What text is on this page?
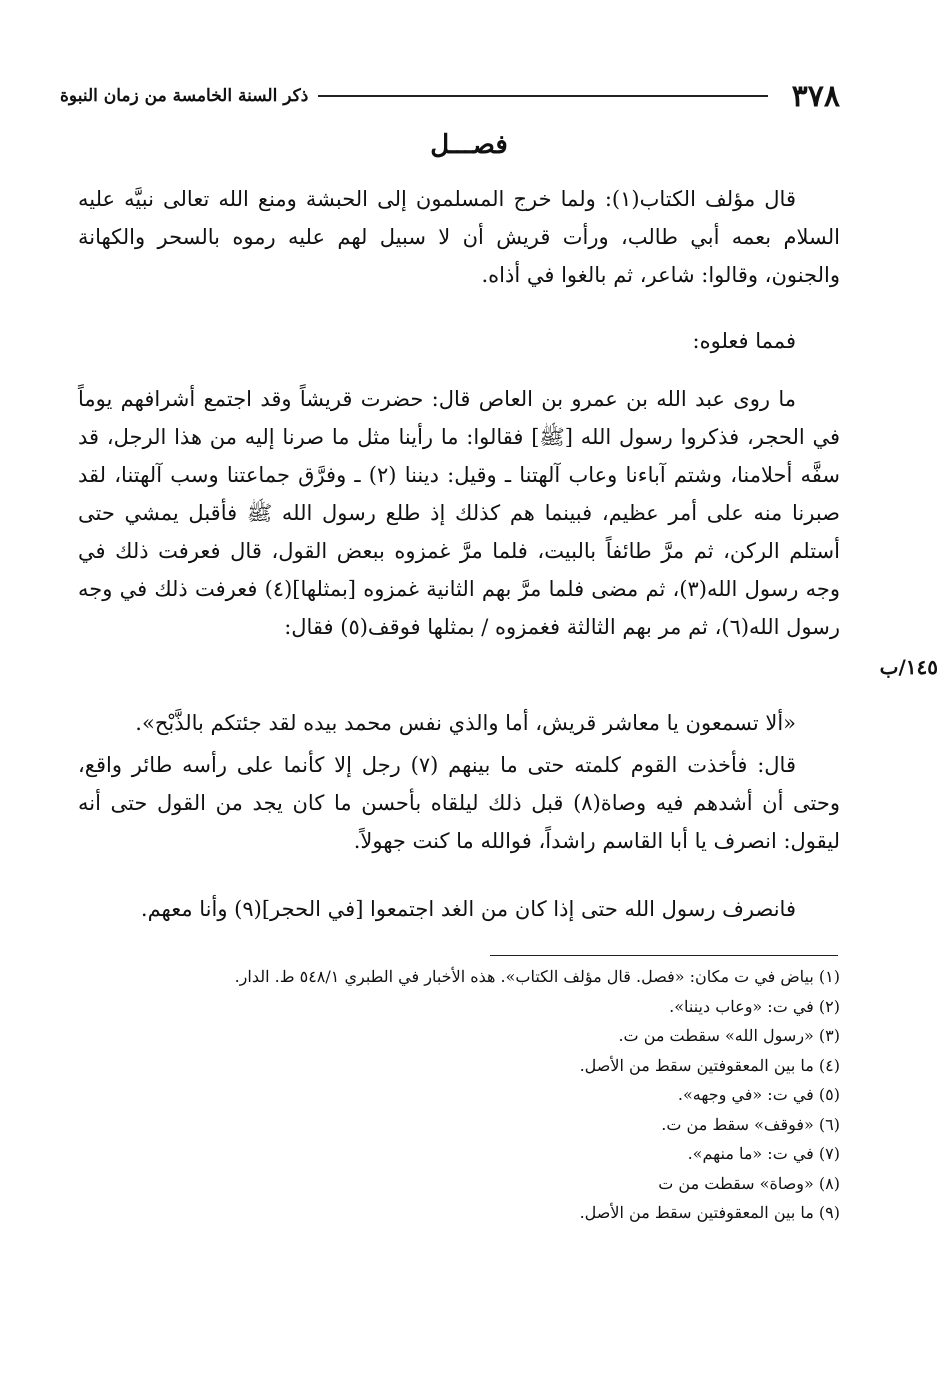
٣٧٨
ذكر السنة الخامسة من زمان النبوة
فصـــل

قال مؤلف الكتاب(١): ولما خرج المسلمون إلى الحبشة ومنع الله تعالى نبيَّه عليه السلام بعمه أبي طالب، ورأت قريش أن لا سبيل لهم عليه رموه بالسحر والكهانة والجنون، وقالوا: شاعر، ثم بالغوا في أذاه.

فمما فعلوه:

ما روى عبد الله بن عمرو بن العاص قال: حضرت قريشاً وقد اجتمع أشرافهم يوماً في الحجر، فذكروا رسول الله [ﷺ] فقالوا: ما رأينا مثل ما صرنا إليه من هذا الرجل، قد سفَّه أحلامنا، وشتم آباءنا وعاب آلهتنا ـ وقيل: ديننا (٢) ـ وفرَّق جماعتنا وسب آلهتنا، لقد صبرنا منه على أمر عظيم، فبينما هم كذلك إذ طلع رسول الله ﷺ فأقبل يمشي حتى أستلم الركن، ثم مرَّ طائفاً بالبيت، فلما مرَّ غمزوه ببعض القول، قال فعرفت ذلك في وجه رسول الله(٣)، ثم مضى فلما مرَّ بهم الثانية غمزوه [بمثلها](٤) فعرفت ذلك في وجه رسول الله(٦)، ثم مر بهم الثالثة فغمزوه / بمثلها فوقف(٥) فقال:

١٤٥/ب

«ألا تسمعون يا معاشر قريش، أما والذي نفس محمد بيده لقد جئتكم بالذَّبْح».

قال: فأخذت القوم كلمته حتى ما بينهم (٧) رجل إلا كأنما على رأسه طائر واقع، وحتى أن أشدهم فيه وصاة(٨) قبل ذلك ليلقاه بأحسن ما كان يجد من القول حتى أنه ليقول: انصرف يا أبا القاسم راشداً، فوالله ما كنت جهولاً.

فانصرف رسول الله حتى إذا كان من الغد اجتمعوا [في الحجر](٩) وأنا معهم.

(١) بياض في ت مكان: «فصل. قال مؤلف الكتاب». هذه الأخبار في الطبري ٥٤٨/١ ط. الدار.

(٢) في ت: «وعاب ديننا».

(٣) «رسول الله» سقطت من ت.

(٤) ما بين المعقوفتين سقط من الأصل.

(٥) في ت: «في وجهه».

(٦) «فوقف» سقط من ت.

(٧) في ت: «ما منهم».

(٨) «وصاة» سقطت من ت

(٩) ما بين المعقوفتين سقط من الأصل.
